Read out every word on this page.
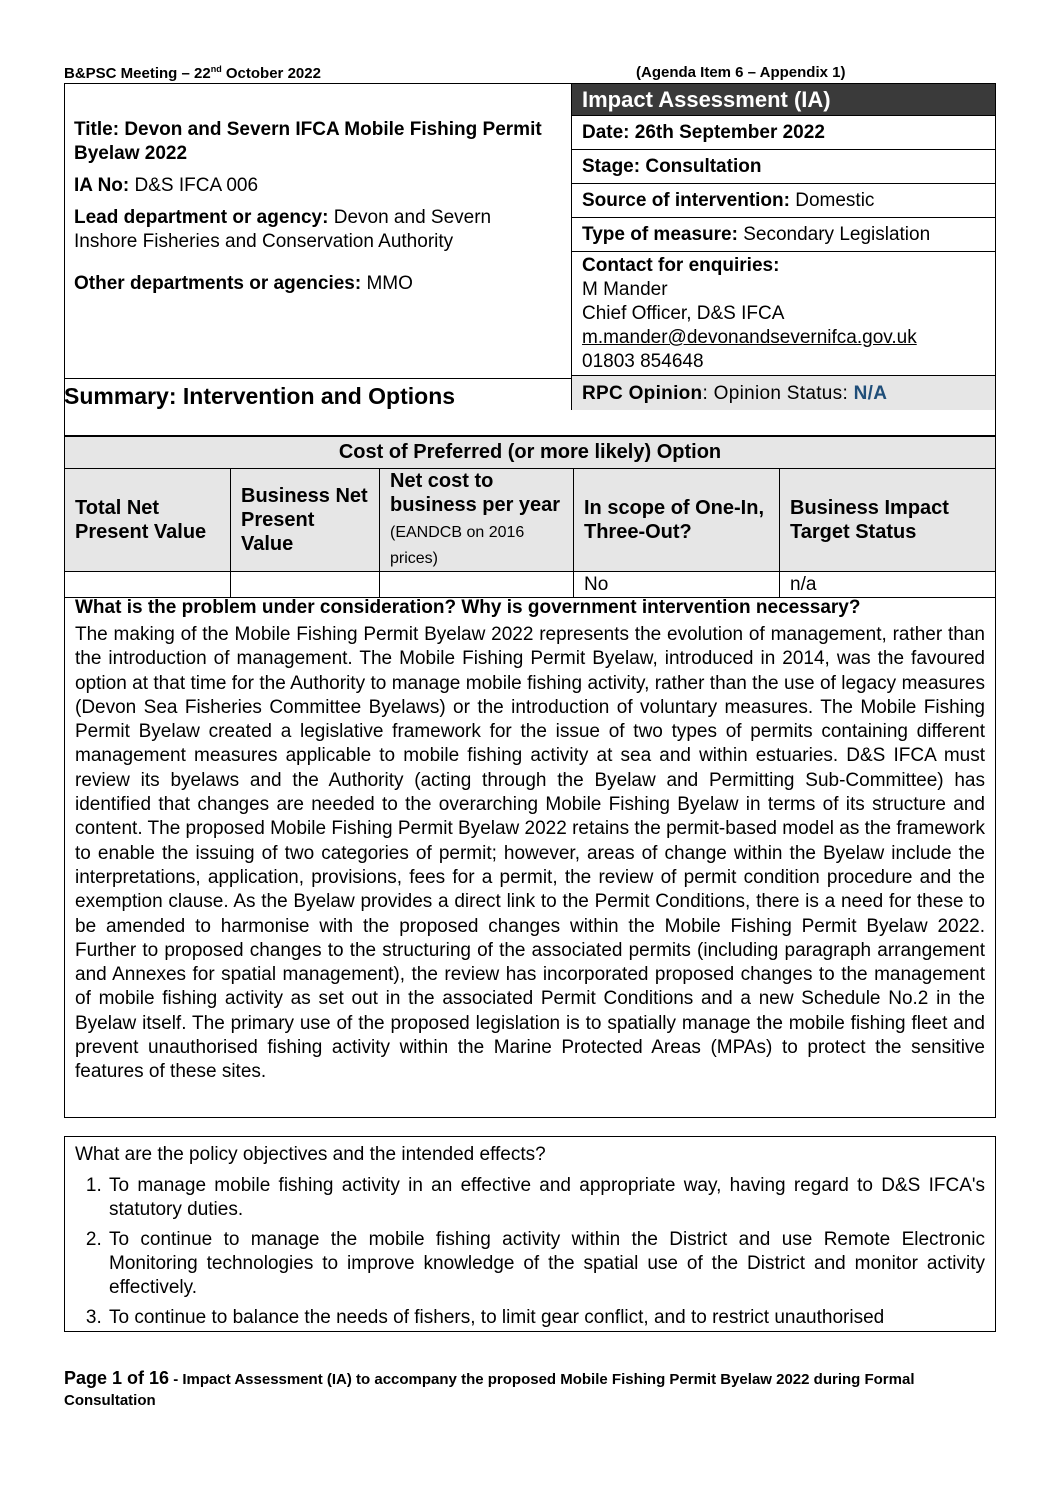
B&PSC Meeting – 22nd October 2022	(Agenda Item 6 – Appendix 1)

Title: Devon and Severn IFCA Mobile Fishing Permit Byelaw 2022

IA No: D&S IFCA 006

Lead department or agency: Devon and Severn Inshore Fisheries and Conservation Authority

Other departments or agencies: MMO

Impact Assessment (IA)
Date: 26th September 2022
Stage: Consultation
Source of intervention: Domestic
Type of measure: Secondary Legislation
Contact for enquiries:
M Mander
Chief Officer, D&S IFCA
m.mander@devonandsevernifca.gov.uk
01803 854648
RPC Opinion: Opinion Status: N/A
Summary: Intervention and Options
Cost of Preferred (or more likely) Option				
Total Net Present Value	Business Net Present Value	Net cost to business per year (EANDCB on 2016 prices)	In scope of One-In, Three-Out?	Business Impact Target Status
			No	n/a
What is the problem under consideration? Why is government intervention necessary?
The making of the Mobile Fishing Permit Byelaw 2022 represents the evolution of management, rather than the introduction of management. The Mobile Fishing Permit Byelaw, introduced in 2014, was the favoured option at that time for the Authority to manage mobile fishing activity, rather than the use of legacy measures (Devon Sea Fisheries Committee Byelaws) or the introduction of voluntary measures. The Mobile Fishing Permit Byelaw created a legislative framework for the issue of two types of permits containing different management measures applicable to mobile fishing activity at sea and within estuaries. D&S IFCA must review its byelaws and the Authority (acting through the Byelaw and Permitting Sub-Committee) has identified that changes are needed to the overarching Mobile Fishing Byelaw in terms of its structure and content. The proposed Mobile Fishing Permit Byelaw 2022 retains the permit-based model as the framework to enable the issuing of two categories of permit; however, areas of change within the Byelaw include the interpretations, application, provisions, fees for a permit, the review of permit condition procedure and the exemption clause. As the Byelaw provides a direct link to the Permit Conditions, there is a need for these to be amended to harmonise with the proposed changes within the Mobile Fishing Permit Byelaw 2022. Further to proposed changes to the structuring of the associated permits (including paragraph arrangement and Annexes for spatial management), the review has incorporated proposed changes to the management of mobile fishing activity as set out in the associated Permit Conditions and a new Schedule No.2 in the Byelaw itself. The primary use of the proposed legislation is to spatially manage the mobile fishing fleet and prevent unauthorised fishing activity within the Marine Protected Areas (MPAs) to protect the sensitive features of these sites.
What are the policy objectives and the intended effects?
1. To manage mobile fishing activity in an effective and appropriate way, having regard to D&S IFCA's statutory duties.
2. To continue to manage the mobile fishing activity within the District and use Remote Electronic Monitoring technologies to improve knowledge of the spatial use of the District and monitor activity effectively.
3. To continue to balance the needs of fishers, to limit gear conflict, and to restrict unauthorised
Page 1 of 16 - Impact Assessment (IA) to accompany the proposed Mobile Fishing Permit Byelaw 2022 during Formal Consultation
